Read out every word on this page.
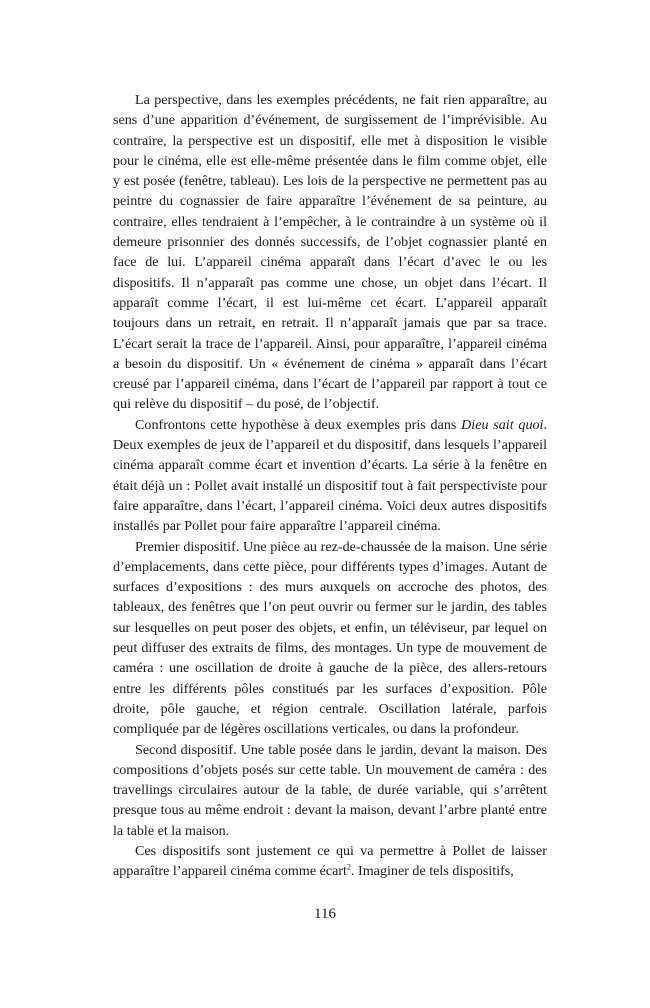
La perspective, dans les exemples précédents, ne fait rien apparaître, au sens d’une apparition d’événement, de surgissement de l’imprévisible. Au contraire, la perspective est un dispositif, elle met à disposition le visible pour le cinéma, elle est elle-même présentée dans le film comme objet, elle y est posée (fenêtre, tableau). Les lois de la perspective ne permettent pas au peintre du cognassier de faire apparaître l’événement de sa peinture, au contraire, elles tendraient à l’empêcher, à le contraindre à un système où il demeure prisonnier des donnés successifs, de l’objet cognassier planté en face de lui. L’appareil cinéma apparaît dans l’écart d’avec le ou les dispositifs. Il n’apparaît pas comme une chose, un objet dans l’écart. Il apparaît comme l’écart, il est lui-même cet écart. L’appareil apparaît toujours dans un retrait, en retrait. Il n’apparaît jamais que par sa trace. L’écart serait la trace de l’appareil. Ainsi, pour apparaître, l’appareil cinéma a besoin du dispositif. Un « événement de cinéma » apparaît dans l’écart creusé par l’appareil cinéma, dans l’écart de l’appareil par rapport à tout ce qui relève du dispositif – du posé, de l’objectif.

Confrontons cette hypothèse à deux exemples pris dans Dieu sait quoi. Deux exemples de jeux de l’appareil et du dispositif, dans lesquels l’appareil cinéma apparaît comme écart et invention d’écarts. La série à la fenêtre en était déjà un : Pollet avait installé un dispositif tout à fait perspectiviste pour faire apparaître, dans l’écart, l’appareil cinéma. Voici deux autres dispositifs installés par Pollet pour faire apparaître l’appareil cinéma.

Premier dispositif. Une pièce au rez-de-chaussée de la maison. Une série d’emplacements, dans cette pièce, pour différents types d’images. Autant de surfaces d’expositions : des murs auxquels on accroche des photos, des tableaux, des fenêtres que l’on peut ouvrir ou fermer sur le jardin, des tables sur lesquelles on peut poser des objets, et enfin, un téléviseur, par lequel on peut diffuser des extraits de films, des montages. Un type de mouvement de caméra : une oscillation de droite à gauche de la pièce, des allers-retours entre les différents pôles constitués par les surfaces d’exposition. Pôle droite, pôle gauche, et région centrale. Oscillation latérale, parfois compliquée par de légères oscillations verticales, ou dans la profondeur.

Second dispositif. Une table posée dans le jardin, devant la maison. Des compositions d’objets posés sur cette table. Un mouvement de caméra : des travellings circulaires autour de la table, de durée variable, qui s’arrêtent presque tous au même endroit : devant la maison, devant l’arbre planté entre la table et la maison.

Ces dispositifs sont justement ce qui va permettre à Pollet de laisser apparaître l’appareil cinéma comme écart$^2$. Imaginer de tels dispositifs,

116
